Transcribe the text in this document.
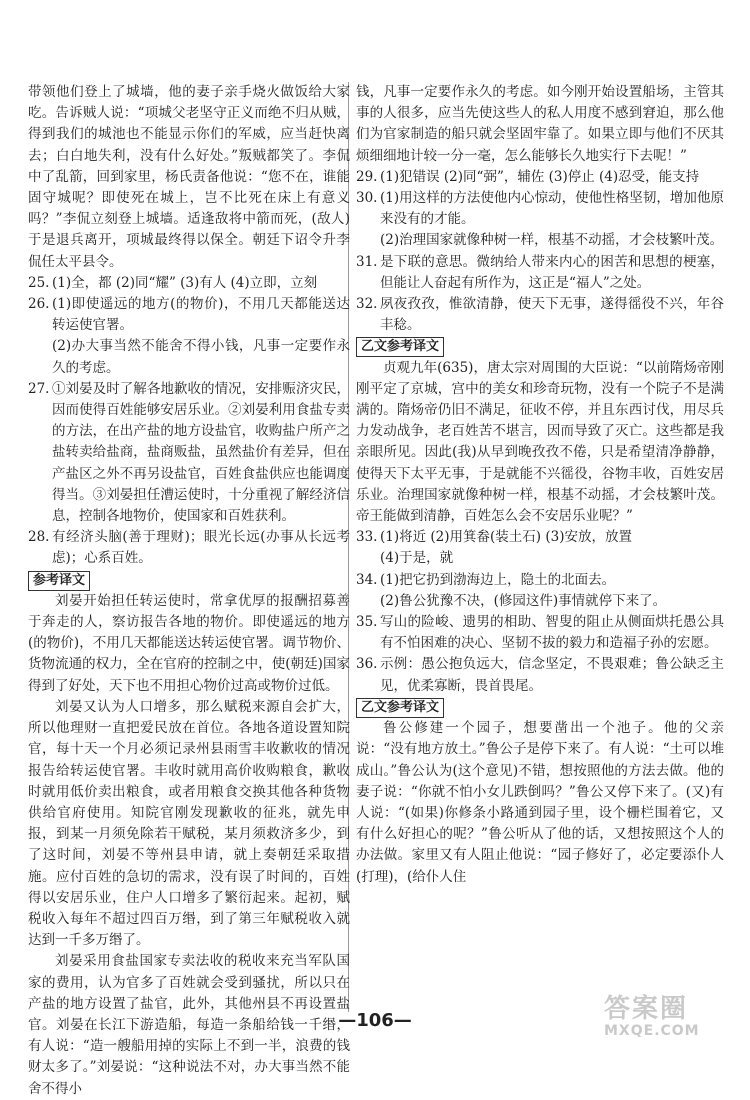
带领他们登上了城墙，他的妻子亲手烧火做饭给大家吃。告诉贼人说：“项城父老坚守正义而绝不归从贼，得到我们的城池也不能显示你们的军威，应当赶快离去；白白地失利，没有什么好处。”叛贼都笑了。李侃中了乱箭，回到家里，杨氏责备他说：“您不在，谁能固守城呢？即使死在城上，岂不比死在床上有意义吗？”李侃立刻登上城墙。适逢敌将中箭而死，(敌人)于是退兵离开，项城最终得以保全。朝廷下诏令升李侃任太平县令。

25. (1)全，都 (2)同“耀” (3)有人 (4)立即，立刻

26. (1)即使遥远的地方(的物价)，不用几天都能送达转运使官署。

(2)办大事当然不能舍不得小钱，凡事一定要作永久的考虑。

27. ①刘晏及时了解各地歉收的情况，安排赈济灾民，因而使得百姓能够安居乐业。②刘晏利用食盐专卖的方法，在出产盐的地方设盐官，收购盐户所产之盐转卖给盐商，盐商贩盐，虽然盐价有差异，但在产盐区之外不再另设盐官，百姓食盐供应也能调度得当。③刘晏担任漕运使时，十分重视了解经济信息，控制各地物价，使国家和百姓获利。

28. 有经济头脑(善于理财)；眼光长远(办事从长远考虑)；心系百姓。

参考译文

刘晏开始担任转运使时，常拿优厚的报酬招募善于奔走的人，察访报告各地的物价。即使遥远的地方(的物价)，不用几天都能送达转运使官署。调节物价、货物流通的权力，全在官府的控制之中，使(朝廷)国家得到了好处，天下也不用担心物价过高或物价过低。

刘晏又认为人口增多，那么赋税来源自会扩大，所以他理财一直把爱民放在首位。各地各道设置知院官，每十天一个月必须记录州县雨雪丰收歉收的情况报告给转运使官署。丰收时就用高价收购粮食，歉收时就用低价卖出粮食，或者用粮食交换其他各种货物供给官府使用。知院官刚发现歉收的征兆，就先申报，到某一月须免除若干赋税，某月须救济多少，到了这时间，刘晏不等州县申请，就上奏朝廷采取措施。应付百姓的急切的需求，没有误了时间的，百姓得以安居乐业，住户人口增多了繁衍起来。起初，赋税收入每年不超过四百万缗，到了第三年赋税收入就达到一千多万缗了。

刘晏采用食盐国家专卖法收的税收来充当军队国家的费用，认为官多了百姓就会受到骚扰，所以只在产盐的地方设置了盐官，此外，其他州县不再设置盐官。刘晏在长江下游造船，每造一条船给钱一千缗，有人说：“造一艘船用掉的实际上不到一半，浪费的钱财太多了。”刘晏说：“这种说法不对，办大事当然不能舍不得小

钱，凡事一定要作永久的考虑。如今刚开始设置船场，主管其事的人很多，应当先使这些人的私人用度不感到窘迫，那么他们为官家制造的船只就会坚固牢靠了。如果立即与他们不厌其烦细细地计较一分一毫，怎么能够长久地实行下去呢！”

29. (1)犯错误 (2)同“弼”，辅佐 (3)停止 (4)忍受，能支持

30. (1)用这样的方法使他内心惊动，使他性格坚韧，增加他原来没有的才能。

(2)治理国家就像种树一样，根基不动摇，才会枝繁叶茂。

31. 是下联的意思。微纳给人带来内心的困苦和思想的梗塞，但能让人奋起有所作为，这正是“福人”之处。

32. 夙夜孜孜，惟欲清静，使天下无事，遂得徭役不兴，年谷丰稔。

乙文参考译文

贞观九年(635)，唐太宗对周围的大臣说：“以前隋炀帝刚刚平定了京城，宫中的美女和珍奇玩物，没有一个院子不是满满的。隋炀帝仍旧不满足，征收不停，并且东西讨伐，用尽兵力发动战争，老百姓苦不堪言，因而导致了灭亡。这些都是我亲眼所见。因此(我)从早到晚孜孜不倦，只是希望清净静静，使得天下太平无事，于是就能不兴徭役，谷物丰收，百姓安居乐业。治理国家就像种树一样，根基不动摇，才会枝繁叶茂。帝王能做到清静，百姓怎么会不安居乐业呢？”

33. (1)将近 (2)用箕畚(装土石) (3)安放，放置

(4)于是，就

34. (1)把它扔到渤海边上，隐土的北面去。

(2)鲁公犹豫不决，(修园这件)事情就停下来了。

35. 写山的险峻、遗男的相助、智叟的阻止从侧面烘托愚公具有不怕困难的决心、坚韧不拔的毅力和造福子孙的宏愿。

36. 示例：愚公抱负远大，信念坚定，不畏艰难；鲁公缺乏主见，优柔寡断，畏首畏尾。

乙文参考译文

鲁公修建一个园子，想要凿出一个池子。他的父亲说：“没有地方放土。”鲁公子是停下来了。有人说：“土可以堆成山。”鲁公认为(这个意见)不错，想按照他的方法去做。他的妻子说：“你就不怕小女儿跌倒吗？”鲁公又停下来了。(又)有人说：“(如果)你修条小路通到园子里，设个栅栏围着它，又有什么好担心的呢？”鲁公听从了他的话，又想按照这个人的办法做。家里又有人阻止他说：“园子修好了，必定要添仆人(打理)，(给仆人住

—106—	答案圈
MXQE.COM
